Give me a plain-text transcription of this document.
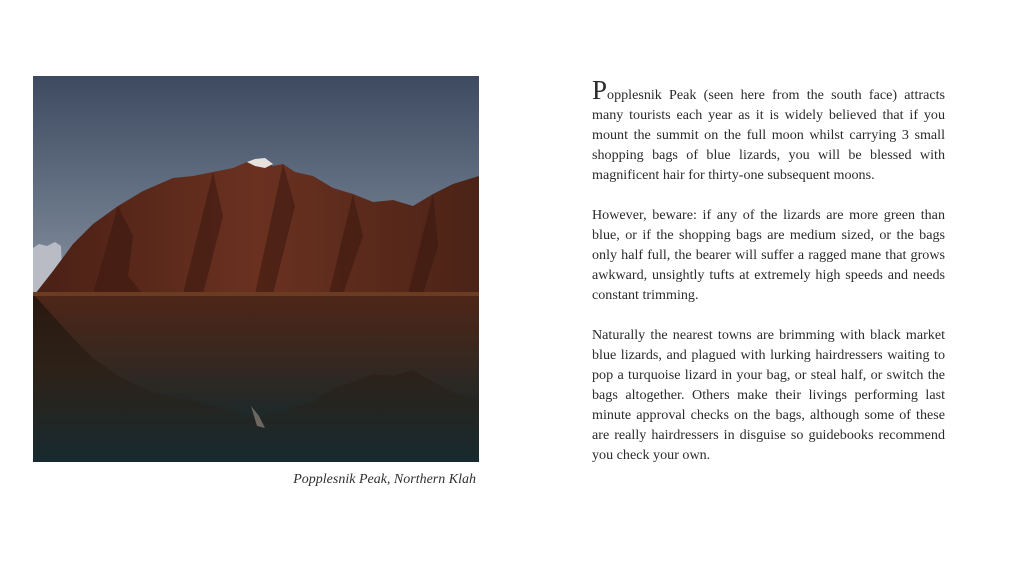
Popplesnik Peak, Northern Klah

Popplesnik Peak (seen here from the south face) attracts many tourists each year as it is widely believed that if you mount the summit on the full moon whilst carrying 3 small shopping bags of blue lizards, you will be blessed with magnificent hair for thirty-one subsequent moons.

However, beware: if any of the lizards are more green than blue, or if the shopping bags are medium sized, or the bags only half full, the bearer will suffer a ragged mane that grows awkward, unsightly tufts at extremely high speeds and needs constant trimming.

Naturally the nearest towns are brimming with black market blue lizards, and plagued with lurking hairdressers waiting to pop a turquoise lizard in your bag, or steal half, or switch the bags altogether. Others make their livings performing last minute approval checks on the bags, although some of these are really hairdressers in disguise so guidebooks recommend you check your own.
